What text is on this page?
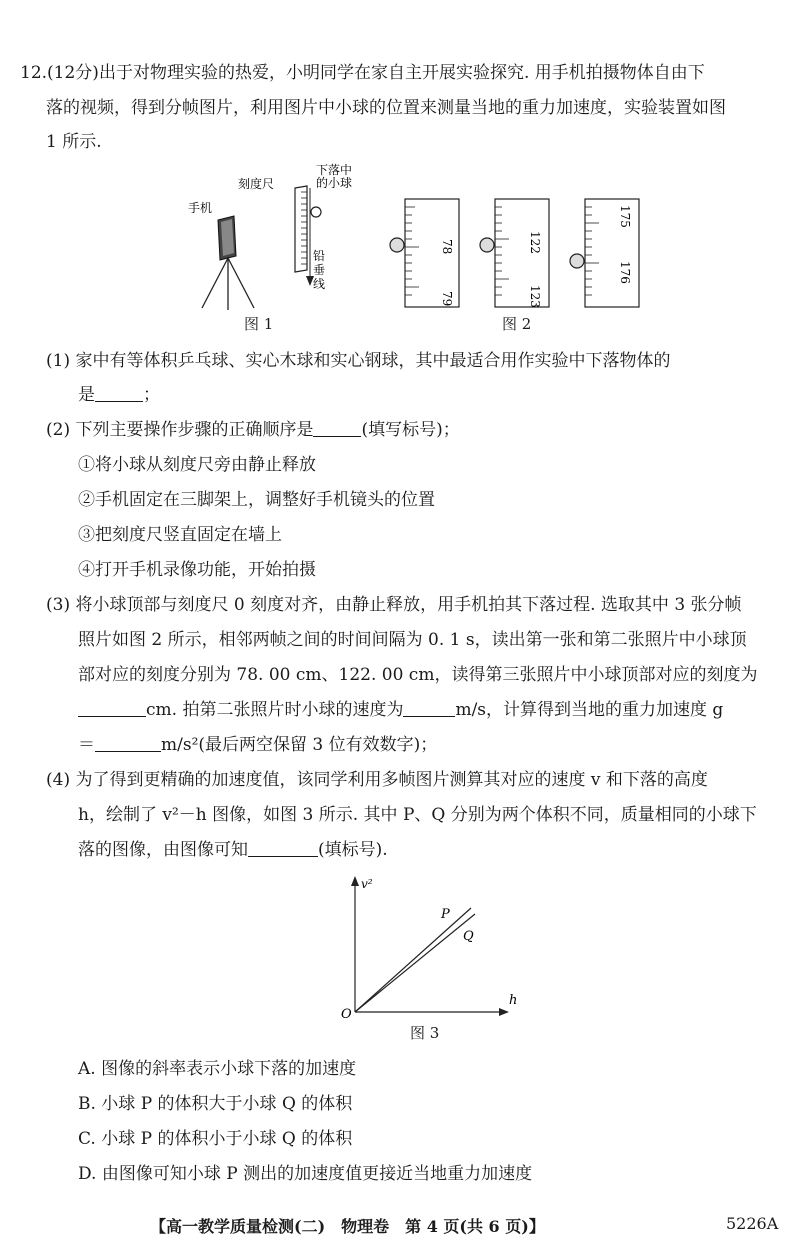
12.(12分)出于对物理实验的热爱，小明同学在家自主开展实验探究. 用手机拍摄物体自由下
落的视频，得到分帧图片，利用图片中小球的位置来测量当地的重力加速度，实验装置如图
1 所示.
刻度尺
下落中
的小球
手机
铅
垂
线
图 1
78
79
122
123
175
176
图 2
(1) 家中有等体积乒乓球、实心木球和实心钢球，其中最适合用作实验中下落物体的
是	；
(2) 下列主要操作步骤的正确顺序是	(填写标号)；
①将小球从刻度尺旁由静止释放
②手机固定在三脚架上，调整好手机镜头的位置
③把刻度尺竖直固定在墙上
④打开手机录像功能，开始拍摄
(3) 将小球顶部与刻度尺 0 刻度对齐，由静止释放，用手机拍其下落过程. 选取其中 3 张分帧
照片如图 2 所示，相邻两帧之间的时间间隔为 0. 1 s，读出第一张和第二张照片中小球顶
部对应的刻度分别为 78. 00 cm、122. 00 cm，读得第三张照片中小球顶部对应的刻度为
cm. 拍第二张照片时小球的速度为	m/s，计算得到当地的重力加速度 g
＝	m/s²(最后两空保留 3 位有效数字)；
(4) 为了得到更精确的加速度值，该同学利用多帧图片测算其对应的速度 v 和下落的高度
h，绘制了 v²－h 图像，如图 3 所示. 其中 P、Q 分别为两个体积不同，质量相同的小球下
落的图像，由图像可知	(填标号).
v²
h
O
P
Q
图 3
A. 图像的斜率表示小球下落的加速度
B. 小球 P 的体积大于小球 Q 的体积
C. 小球 P 的体积小于小球 Q 的体积
D. 由图像可知小球 P 测出的加速度值更接近当地重力加速度
【高一教学质量检测(二)　物理卷　第 4 页(共 6 页)】	5226A
